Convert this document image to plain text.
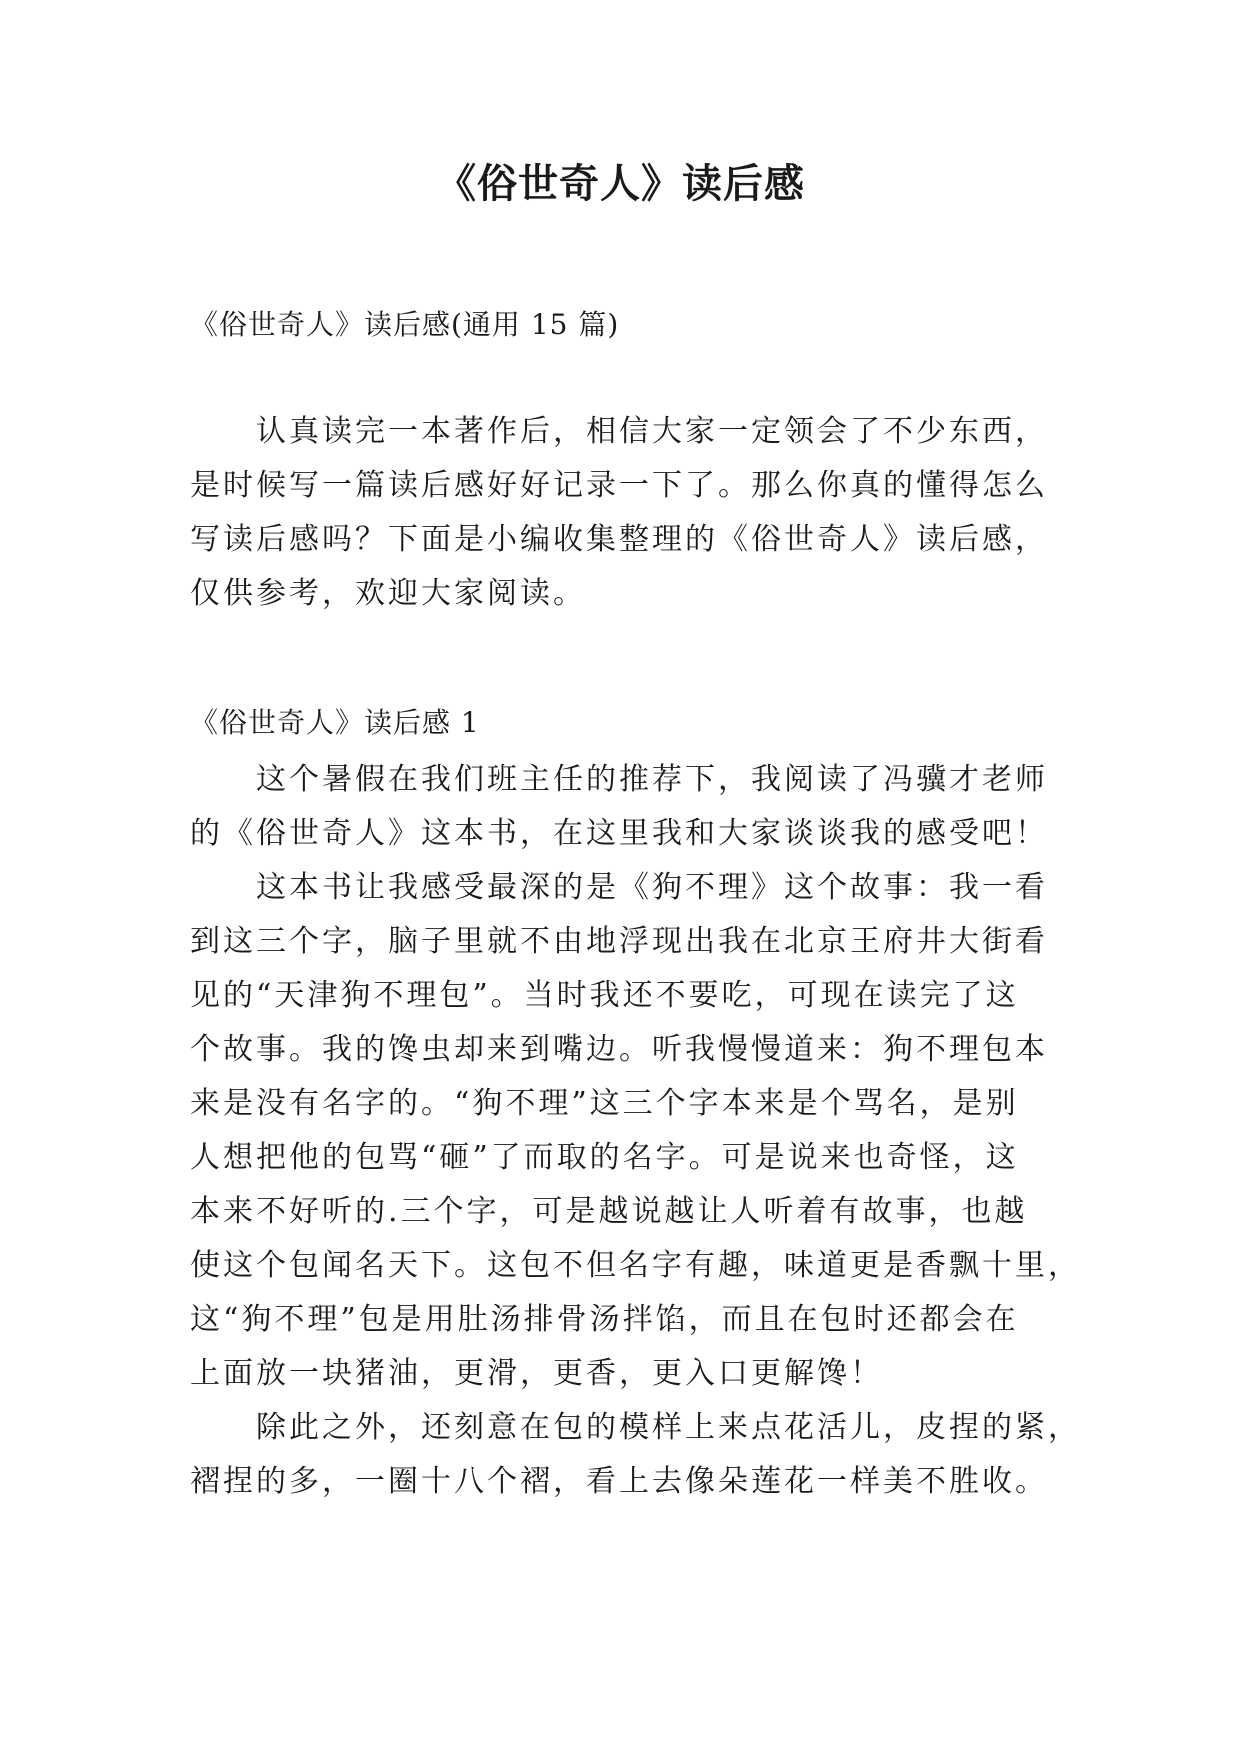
《俗世奇人》读后感
《俗世奇人》读后感(通用 15 篇)
　　认真读完一本著作后，相信大家一定领会了不少东西，
是时候写一篇读后感好好记录一下了。那么你真的懂得怎么
写读后感吗？下面是小编收集整理的《俗世奇人》读后感，
仅供参考，欢迎大家阅读。
《俗世奇人》读后感 1
　　这个暑假在我们班主任的推荐下，我阅读了冯骥才老师
的《俗世奇人》这本书，在这里我和大家谈谈我的感受吧！
　　这本书让我感受最深的是《狗不理》这个故事：我一看
到这三个字，脑子里就不由地浮现出我在北京王府井大街看
见的“天津狗不理包”。当时我还不要吃，可现在读完了这
个故事。我的馋虫却来到嘴边。听我慢慢道来：狗不理包本
来是没有名字的。“狗不理”这三个字本来是个骂名，是别
人想把他的包骂“砸”了而取的名字。可是说来也奇怪，这
本来不好听的.三个字，可是越说越让人听着有故事，也越
使这个包闻名天下。这包不但名字有趣，味道更是香飘十里，
这“狗不理”包是用肚汤排骨汤拌馅，而且在包时还都会在
上面放一块猪油，更滑，更香，更入口更解馋！
　　除此之外，还刻意在包的模样上来点花活儿，皮捏的紧，
褶捏的多，一圈十八个褶，看上去像朵莲花一样美不胜收。
